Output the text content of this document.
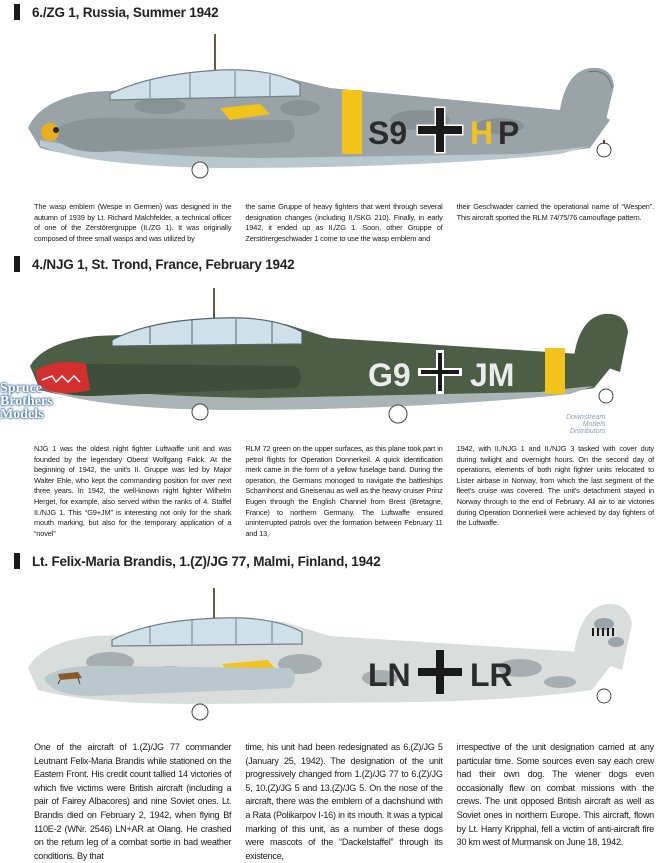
6./ZG 1, Russia, Summer 1942
S9 H P
The wasp emblem (Wespe in Germen) was designed in the autumn of 1939 by Lt. Richard Malchfelder, a technical officer of one of the Zerstörergruppe (II./ZG 1). It was originally composed of three small wasps and was utilized by
the same Gruppe of heavy fighters that went through several designation changes (including II./SKG 210). Finally, in early 1942, it ended up as II./ZG 1. Soon, other Gruppe of Zerstörergeschwader 1 come to use the wasp emblem and
their Geschwader carried the operational name of “Wespen”. This aircraft sported the RLM 74/75/76 camouflage pattern.
4./NJG 1, St. Trond, France, February 1942
G9 JM
Spruce
Brothers
Models	Downstream
Models
Distributors
NJG 1 was the oldest night fighter Luftwaffe unit and was founded by the legendary Oberst Wolfgang Falck. At the beginning of 1942, the unit's II. Gruppe was led by Major Walter Ehle, who kept the commanding position for over next three years. In 1942, the well-known night fighter Wilhelm Herget, for example, also served within the ranks of 4. Staffel II./NJG 1. This “G9+JM” is interesting not only for the shark mouth marking, but also for the temporary application of a “novel”
RLM 72 green on the upper surfaces, as this plane took part in petrol flights for Operation Donnerkeil. A quick identification merk came in the form of a yellow fuselage band. During the operation, the Germans monoged to navigate the battleships Scharnhorst and Gneisenau as well as the heavy cruiser Prinz Eugen through the English Channel from Brest (Bretagne, France) to northern Germany. The Luftwaffe ensured uninterrupted patrols over the formation between February 11 and 13,
1942, with II./NJG 1 and II./NJG 3 tasked with cover duty during twilight and overnight hours. On the second day of operations, elements of both night fighter units relocated to Lister airbase in Norway, from which the last segment of the fleet's cruise was covered. The unit's detachment stayed in Norway through to the end of February. All air to air victories during Operation Donnerkeil were achieved by day fighters of the Luftwaffe.
Lt. Felix-Maria Brandis, 1.(Z)/JG 77, Malmi, Finland, 1942
LN LR
One of the aircraft of 1.(Z)/JG 77 commander Leutnant Felix-Maria Brandis while stationed on the Eastern Front. His credit count tallied 14 victories of which five victims were British aircraft (including a pair of Fairey Albacores) and nine Soviet ones. Lt. Brandis died on February 2, 1942, when flying Bf 110E-2 (WNr. 2546) LN+AR at Olang. He crashed on the return leg of a combat sortie in bad weather conditions. By that
time, his unit had been redesignated as 6.(Z)/JG 5 (January 25, 1942). The designation of the unit progressively changed from 1.(Z)/JG 77 to 6.(Z)/JG 5, 10.(Z)/JG 5 and 13.(Z)/JG 5. On the nose of the aircraft, there was the emblem of a dachshund with a Rata (Polikarpov I-16) in its mouth. It was a typical marking of this unit, as a number of these dogs were mascots of the “Dackelstaffel” through its existence,
irrespective of the unit designation carried at any particular time. Some sources even say each crew had their own dog. The wiener dogs even occasionally flew on combat missions with the crews. The unit opposed British aircraft as well as Soviet ones in northern Europe. This aircraft, flown by Lt. Harry Kripphal, fell a victim of anti-aircraft fire 30 km west of Murmansk on June 18, 1942.
